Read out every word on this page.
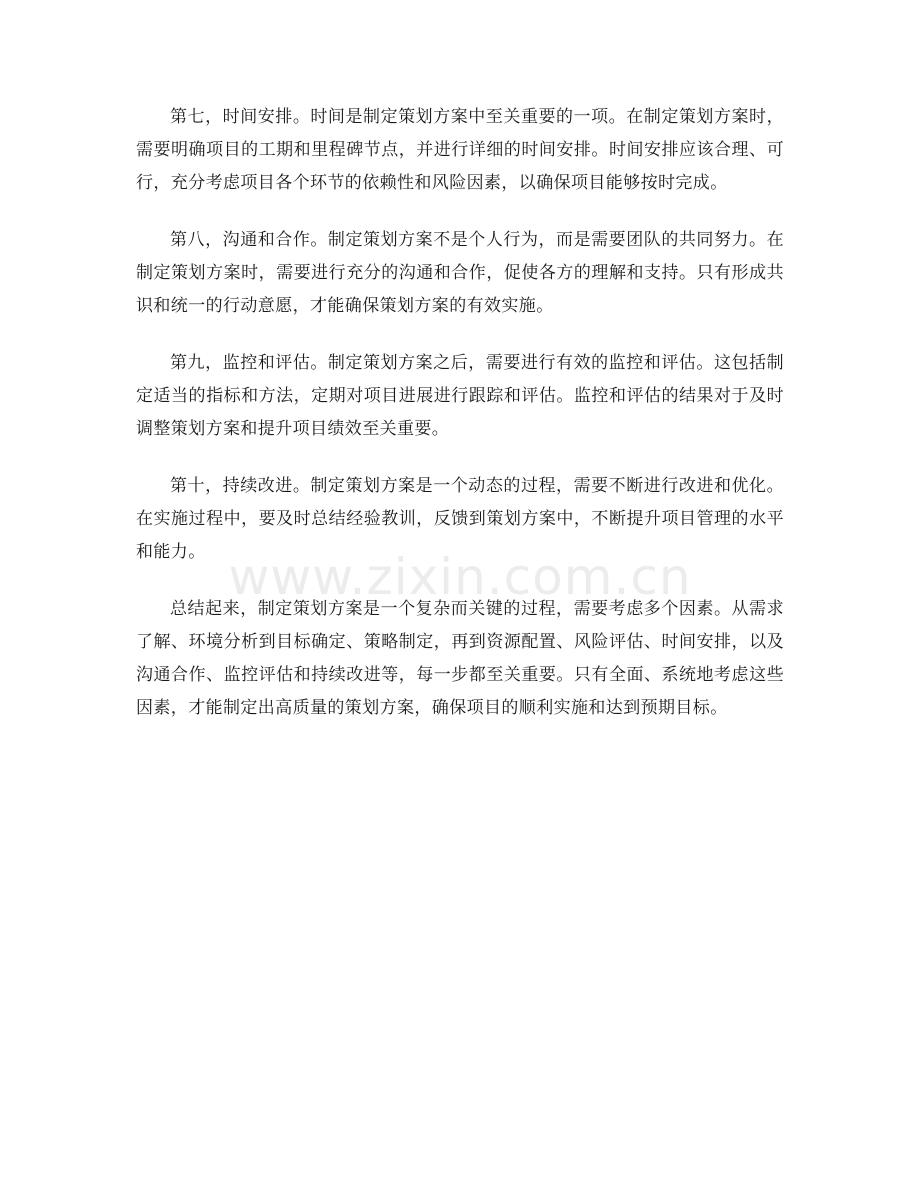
www.zixin.com.cn

第七，时间安排。时间是制定策划方案中至关重要的一项。在制定策划方案时，需要明确项目的工期和里程碑节点，并进行详细的时间安排。时间安排应该合理、可行，充分考虑项目各个环节的依赖性和风险因素，以确保项目能够按时完成。

第八，沟通和合作。制定策划方案不是个人行为，而是需要团队的共同努力。在制定策划方案时，需要进行充分的沟通和合作，促使各方的理解和支持。只有形成共识和统一的行动意愿，才能确保策划方案的有效实施。

第九，监控和评估。制定策划方案之后，需要进行有效的监控和评估。这包括制定适当的指标和方法，定期对项目进展进行跟踪和评估。监控和评估的结果对于及时调整策划方案和提升项目绩效至关重要。

第十，持续改进。制定策划方案是一个动态的过程，需要不断进行改进和优化。在实施过程中，要及时总结经验教训，反馈到策划方案中，不断提升项目管理的水平和能力。

总结起来，制定策划方案是一个复杂而关键的过程，需要考虑多个因素。从需求了解、环境分析到目标确定、策略制定，再到资源配置、风险评估、时间安排，以及沟通合作、监控评估和持续改进等，每一步都至关重要。只有全面、系统地考虑这些因素，才能制定出高质量的策划方案，确保项目的顺利实施和达到预期目标。
